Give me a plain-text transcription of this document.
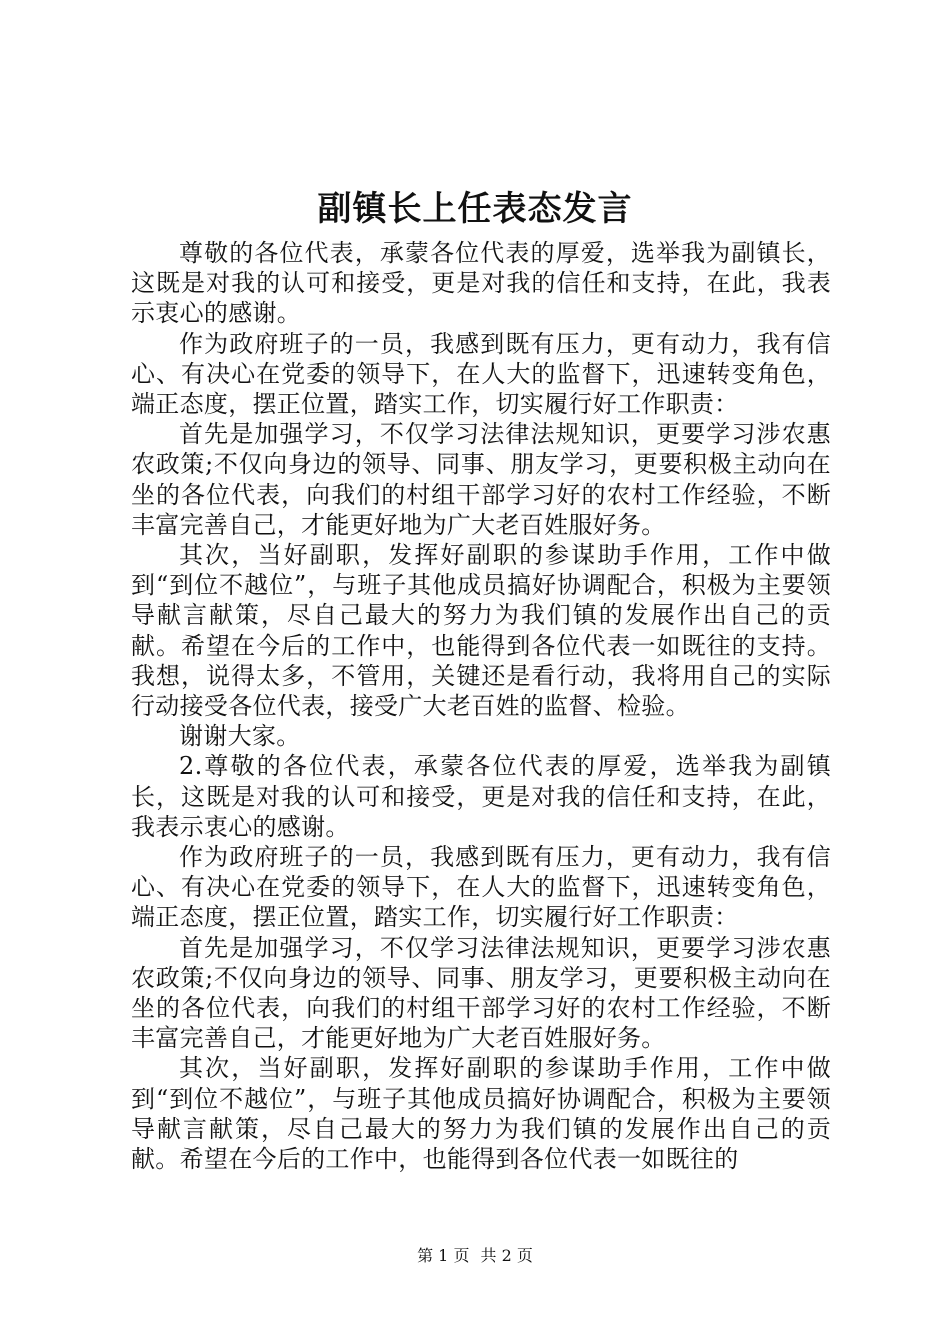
副镇长上任表态发言

尊敬的各位代表，承蒙各位代表的厚爱，选举我为副镇长，这既是对我的认可和接受，更是对我的信任和支持，在此，我表示衷心的感谢。

作为政府班子的一员，我感到既有压力，更有动力，我有信心、有决心在党委的领导下，在人大的监督下，迅速转变角色，端正态度，摆正位置，踏实工作，切实履行好工作职责：

首先是加强学习，不仅学习法律法规知识，更要学习涉农惠农政策;不仅向身边的领导、同事、朋友学习，更要积极主动向在坐的各位代表，向我们的村组干部学习好的农村工作经验，不断丰富完善自己，才能更好地为广大老百姓服好务。

其次，当好副职，发挥好副职的参谋助手作用，工作中做到“到位不越位”，与班子其他成员搞好协调配合，积极为主要领导献言献策，尽自己最大的努力为我们镇的发展作出自己的贡献。希望在今后的工作中，也能得到各位代表一如既往的支持。我想，说得太多，不管用，关键还是看行动，我将用自己的实际行动接受各位代表，接受广大老百姓的监督、检验。

谢谢大家。

2.尊敬的各位代表，承蒙各位代表的厚爱，选举我为副镇长，这既是对我的认可和接受，更是对我的信任和支持，在此，我表示衷心的感谢。

作为政府班子的一员，我感到既有压力，更有动力，我有信心、有决心在党委的领导下，在人大的监督下，迅速转变角色，端正态度，摆正位置，踏实工作，切实履行好工作职责：

首先是加强学习，不仅学习法律法规知识，更要学习涉农惠农政策;不仅向身边的领导、同事、朋友学习，更要积极主动向在坐的各位代表，向我们的村组干部学习好的农村工作经验，不断丰富完善自己，才能更好地为广大老百姓服好务。

其次，当好副职，发挥好副职的参谋助手作用，工作中做到“到位不越位”，与班子其他成员搞好协调配合，积极为主要领导献言献策，尽自己最大的努力为我们镇的发展作出自己的贡献。希望在今后的工作中，也能得到各位代表一如既往的

第 1 页 共 2 页
